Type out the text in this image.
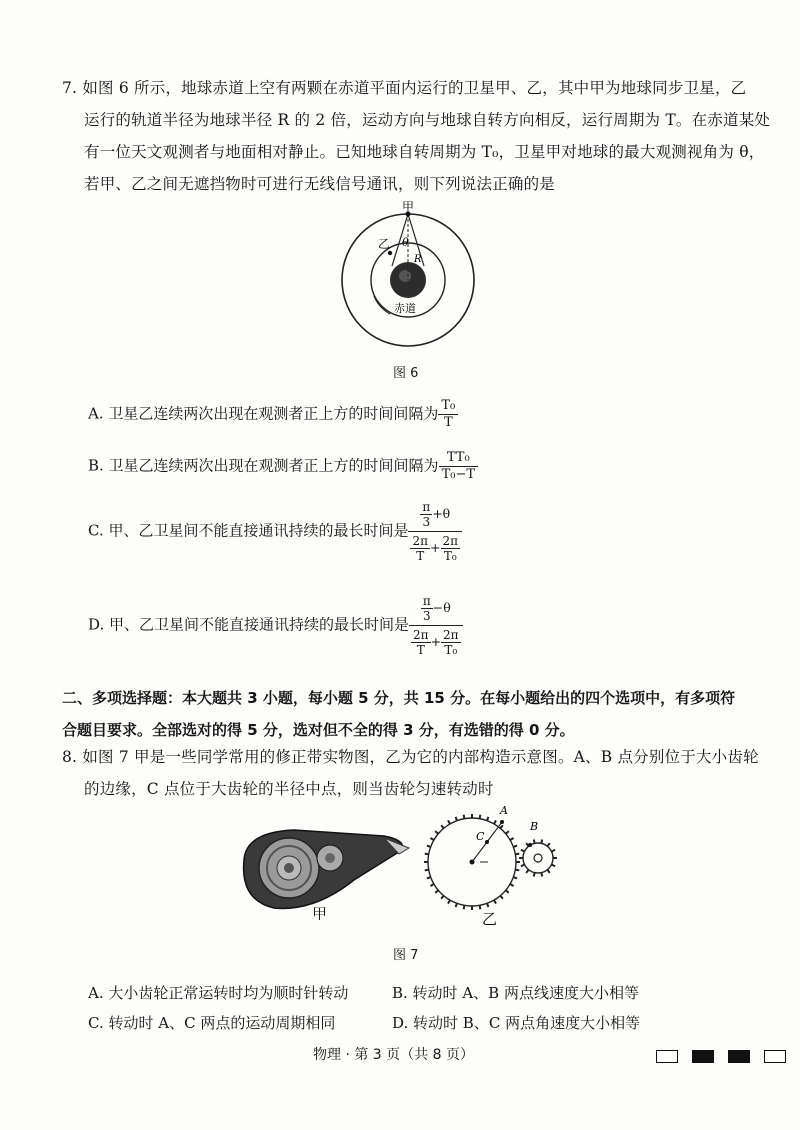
7. 如图 6 所示，地球赤道上空有两颗在赤道平面内运行的卫星甲、乙，其中甲为地球同步卫星，乙
运行的轨道半径为地球半径 R 的 2 倍，运动方向与地球自转方向相反，运行周期为 T。在赤道某处
有一位天文观测者与地面相对静止。已知地球自转周期为 T₀，卫星甲对地球的最大观测视角为 θ，
若甲、乙之间无遮挡物时可进行无线信号通讯，则下列说法正确的是
甲
乙 θ
R
赤道
图 6
A. 卫星乙连续两次出现在观测者正上方的时间间隔为 $\frac{\text{T₀}}{T}$
B. 卫星乙连续两次出现在观测者正上方的时间间隔为 $\frac{\text{TT₀}}{\text{T₀−T}}$
C. 甲、乙卫星间不能直接通讯持续的最长时间是 $\frac{\frac{\pi}{3} +\theta}{\frac{2\pi}{T} + \frac{2\pi}{\text{T₀}}}$
D. 甲、乙卫星间不能直接通讯持续的最长时间是 $\frac{\frac{\pi}{3} -\theta}{\frac{2\pi}{T} + \frac{2\pi}{\text{T₀}}}$
二、多项选择题：本大题共 3 小题，每小题 5 分，共 15 分。在每小题给出的四个选项中，有多项符
合题目要求。全部选对的得 5 分，选对但不全的得 3 分，有选错的得 0 分。
8. 如图 7 甲是一些同学常用的修正带实物图，乙为它的内部构造示意图。A、B 点分别位于大小齿轮
的边缘，C 点位于大齿轮的半径中点，则当齿轮匀速转动时
甲
A
B
C
乙
图 7
A. 大小齿轮正常运转时均为顺时针转动	B. 转动时 A、B 两点线速度大小相等
C. 转动时 A、C 两点的运动周期相同	D. 转动时 B、C 两点角速度大小相等
物理 · 第 3 页（共 8 页）
